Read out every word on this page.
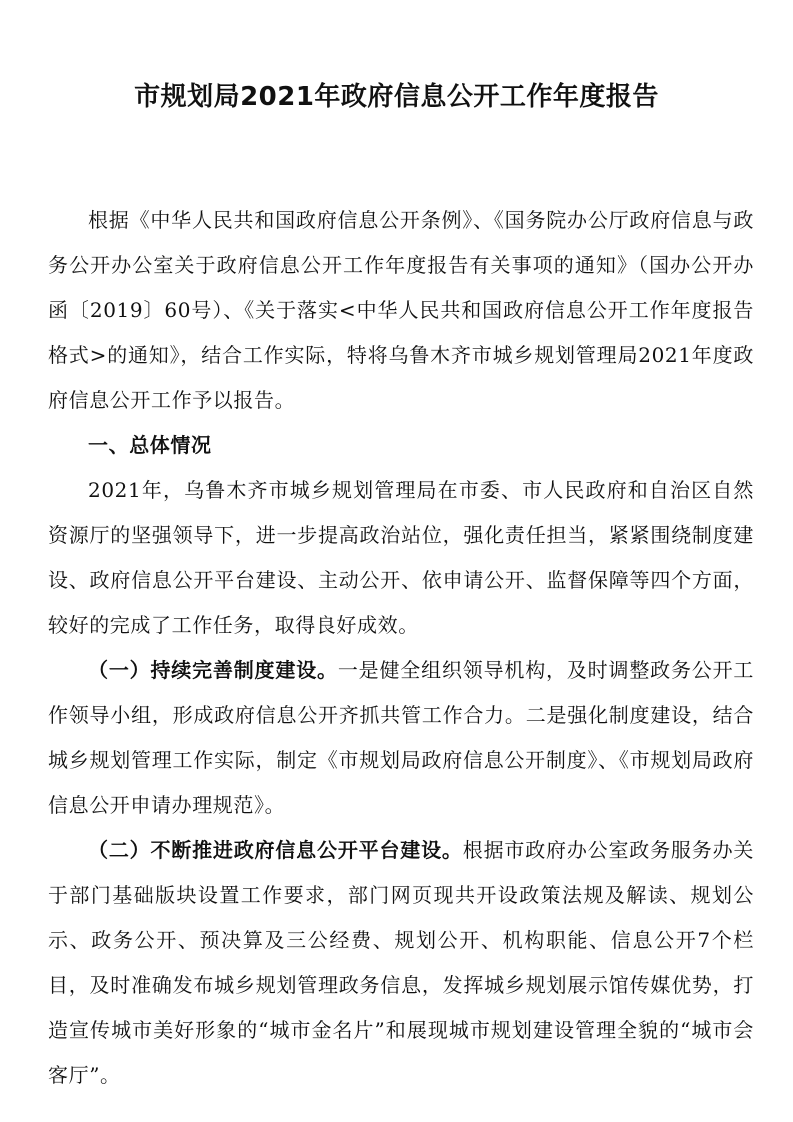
市规划局2021年政府信息公开工作年度报告

根据《中华人民共和国政府信息公开条例》、《国务院办公厅政府信息与政务公开办公室关于政府信息公开工作年度报告有关事项的通知》（国办公开办函〔2019〕60号）、《关于落实<中华人民共和国政府信息公开工作年度报告格式>的通知》，结合工作实际，特将乌鲁木齐市城乡规划管理局2021年度政府信息公开工作予以报告。

一、总体情况

2021年，乌鲁木齐市城乡规划管理局在市委、市人民政府和自治区自然资源厅的坚强领导下，进一步提高政治站位，强化责任担当，紧紧围绕制度建设、政府信息公开平台建设、主动公开、依申请公开、监督保障等四个方面，较好的完成了工作任务，取得良好成效。

（一）持续完善制度建设。一是健全组织领导机构，及时调整政务公开工作领导小组，形成政府信息公开齐抓共管工作合力。二是强化制度建设，结合城乡规划管理工作实际，制定《市规划局政府信息公开制度》、《市规划局政府信息公开申请办理规范》。

（二）不断推进政府信息公开平台建设。根据市政府办公室政务服务办关于部门基础版块设置工作要求，部门网页现共开设政策法规及解读、规划公示、政务公开、预决算及三公经费、规划公开、机构职能、信息公开7个栏目，及时准确发布城乡规划管理政务信息，发挥城乡规划展示馆传媒优势，打造宣传城市美好形象的“城市金名片”和展现城市规划建设管理全貌的“城市会客厅”。
